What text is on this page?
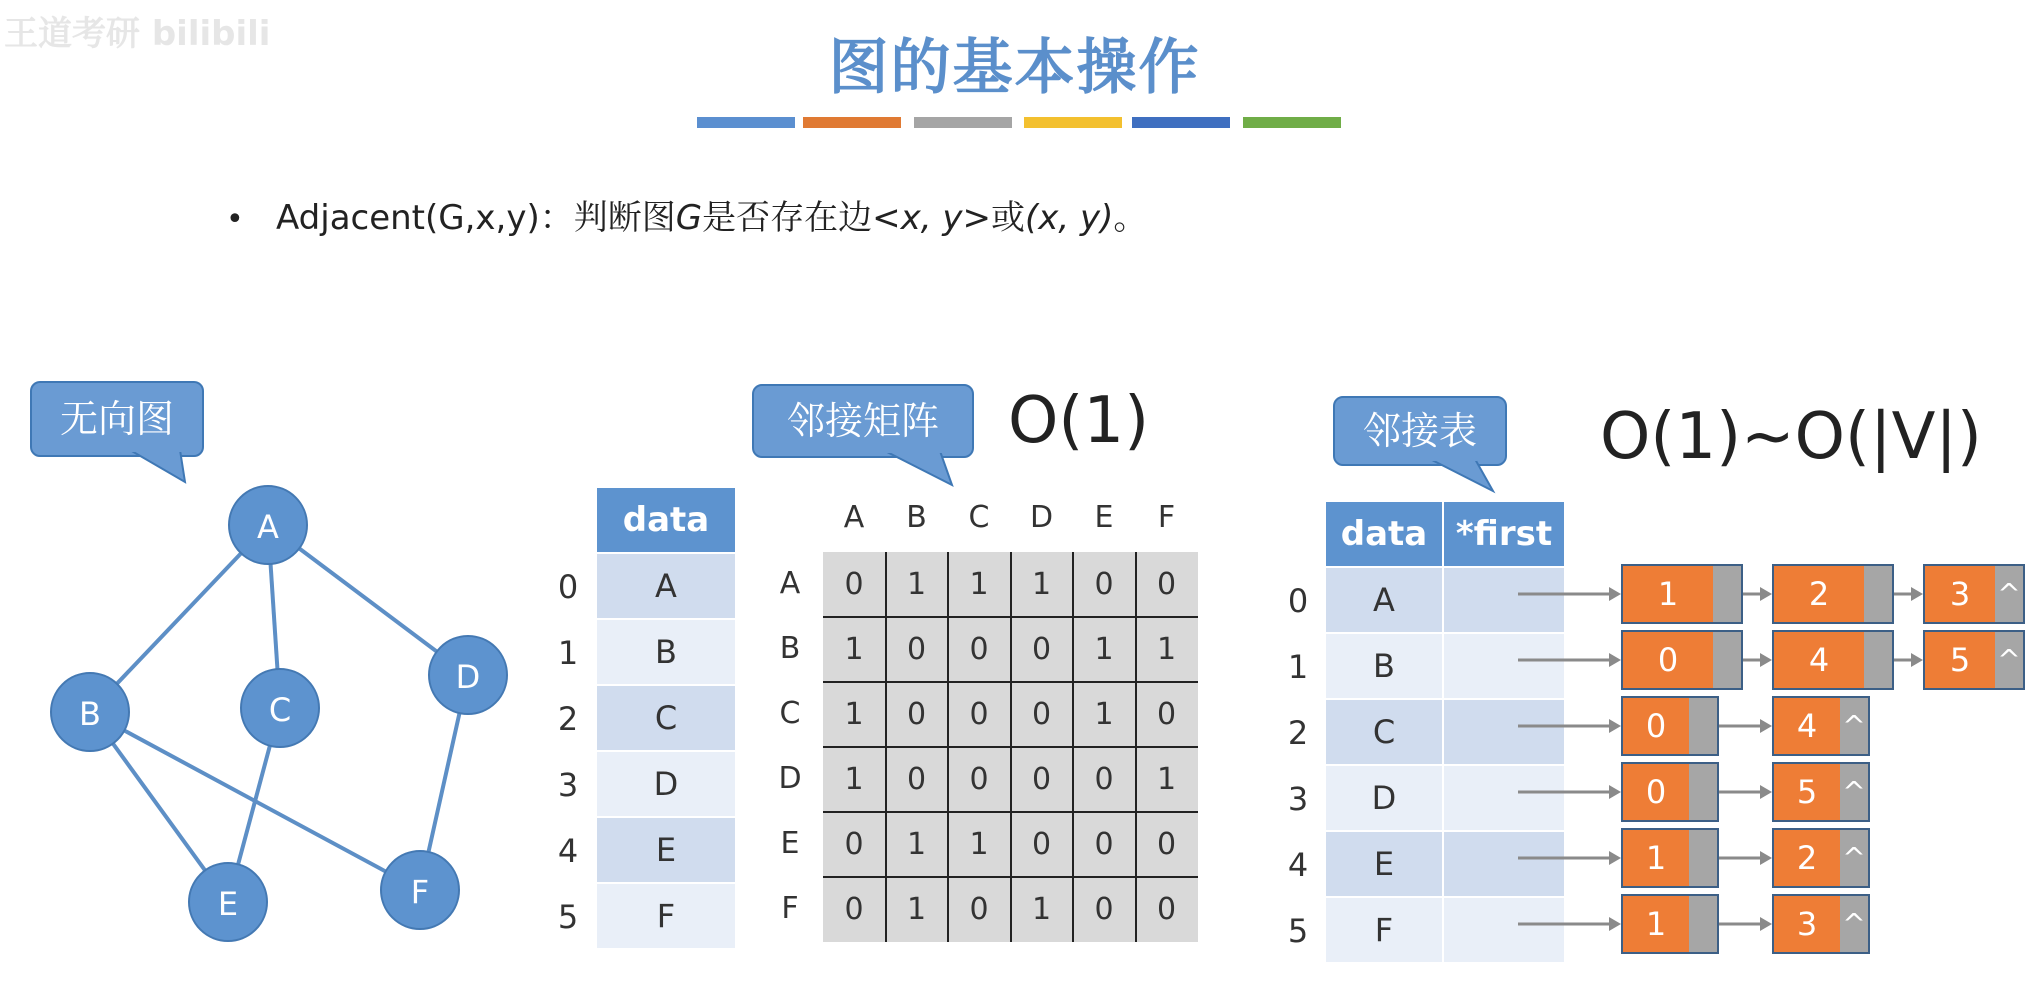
王道考研 bilibili	图的基本操作
• Adjacent(G,x,y)：判断图G是否存在边<x, y>或(x, y)。
无向图	邻接矩阵	O(1)	邻接表	O(1)~O(|V|)
A
B	C
D
E	F
data
0	A
1	B
2	C
3	D
4	E
5	F
A	B	C	D	E	F
A	0	1	1	1	0	0
B	1	0	0	0	1	1
C	1	0	0	0	1	0
D	1	0	0	0	0	1
E	0	1	1	0	0	0
F	0	1	0	1	0	0
data *first
0	A	1	2	3 ^
1	B	0	4	5 ^
2	C	0	4 ^
3	D	0	5 ^
4	E	1	2 ^
5	F	1	3 ^
